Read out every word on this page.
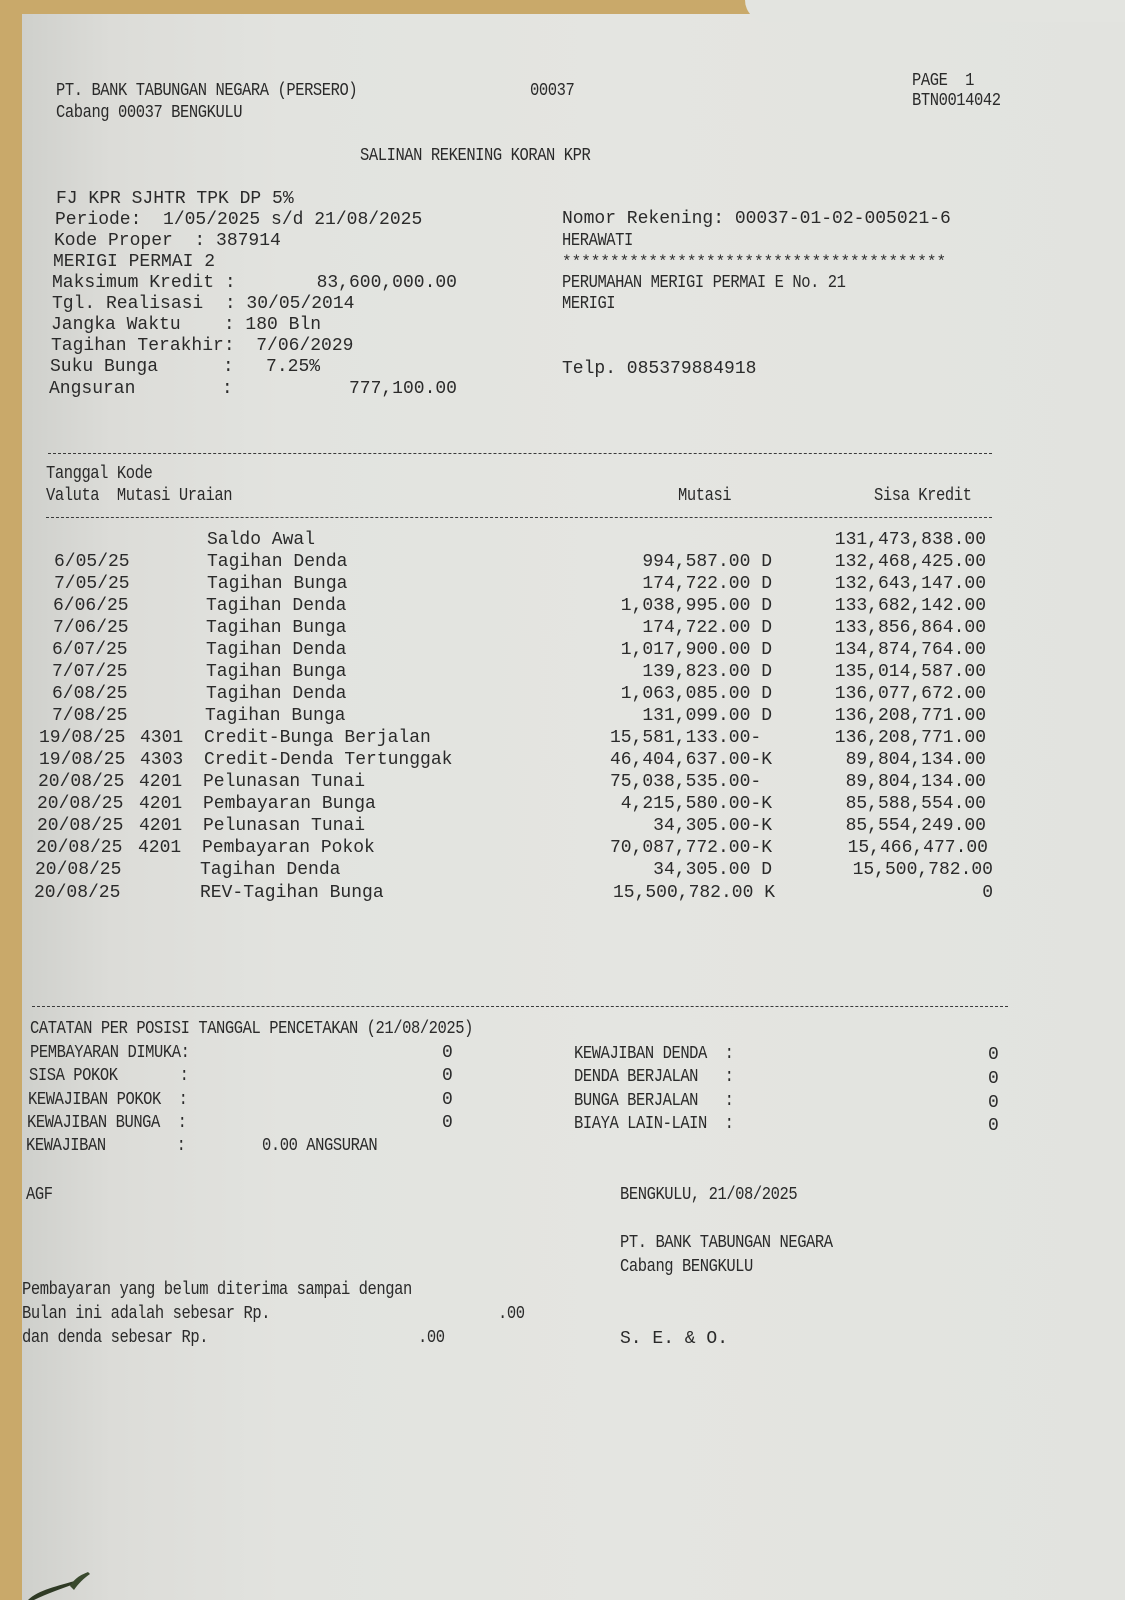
PT. BANK TABUNGAN NEGARA (PERSERO)	00037	PAGE  1
Cabang 00037 BENGKULU
BTN0014042
SALINAN REKENING KORAN KPR
FJ KPR SJHTR TPK DP 5%
Periode:  1/05/2025 s/d 21/08/2025
Kode Proper  : 387914
MERIGI PERMAI 2
Maksimum Kredit :	83,600,000.00
Tgl. Realisasi  : 30/05/2014
Jangka Waktu    : 180 Bln
Tagihan Terakhir:  7/06/2029
Suku Bunga      :   7.25%
Angsuran        :	777,100.00
Nomor Rekening: 00037-01-02-005021-6
HERAWATI
****************************************
PERUMAHAN MERIGI PERMAI E No. 21
MERIGI
Telp. 085379884918
Tanggal Kode
Valuta  Mutasi Uraian	Mutasi	Sisa Kredit
Saldo Awal	131,473,838.00
6/05/25	Tagihan Denda	994,587.00 D	132,468,425.00
7/05/25	Tagihan Bunga	174,722.00 D	132,643,147.00
6/06/25	Tagihan Denda	1,038,995.00 D	133,682,142.00
7/06/25	Tagihan Bunga	174,722.00 D	133,856,864.00
6/07/25	Tagihan Denda	1,017,900.00 D	134,874,764.00
7/07/25	Tagihan Bunga	139,823.00 D	135,014,587.00
6/08/25	Tagihan Denda	1,063,085.00 D	136,077,672.00
7/08/25	Tagihan Bunga	131,099.00 D	136,208,771.00
19/08/25 4301 Credit-Bunga Berjalan	15,581,133.00-	136,208,771.00
19/08/25 4303 Credit-Denda Tertunggak	46,404,637.00-K	89,804,134.00
20/08/25 4201 Pelunasan Tunai	75,038,535.00-	89,804,134.00
20/08/25 4201 Pembayaran Bunga	4,215,580.00-K	85,588,554.00
20/08/25 4201 Pelunasan Tunai	34,305.00-K	85,554,249.00
20/08/25 4201 Pembayaran Pokok	70,087,772.00-K	15,466,477.00
20/08/25	Tagihan Denda	34,305.00 D	15,500,782.00
20/08/25	REV-Tagihan Bunga	15,500,782.00 K	0
CATATAN PER POSISI TANGGAL PENCETAKAN (21/08/2025)
PEMBAYARAN DIMUKA:	0
SISA POKOK       :	0
KEWAJIBAN POKOK  :	0
KEWAJIBAN BUNGA  :	0
KEWAJIBAN        :	0.00 ANGSURAN
KEWAJIBAN DENDA  :	0
DENDA BERJALAN   :	0
BUNGA BERJALAN   :	0
BIAYA LAIN-LAIN  :	0
AGF	BENGKULU, 21/08/2025
PT. BANK TABUNGAN NEGARA
Cabang BENGKULU
Pembayaran yang belum diterima sampai dengan
Bulan ini adalah sebesar Rp.	.00
dan denda sebesar Rp.	.00	S. E. & O.
